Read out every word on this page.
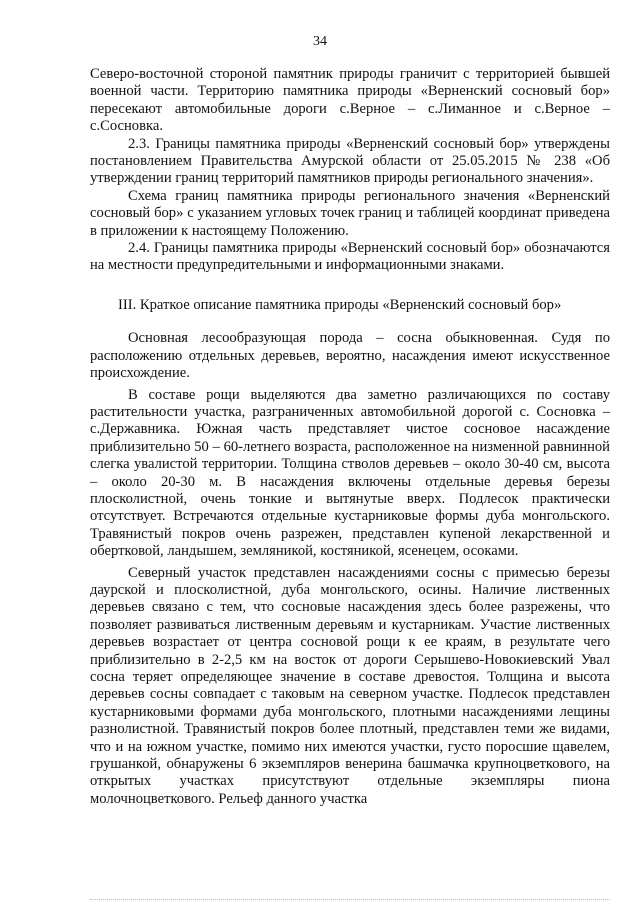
34

Северо-восточной стороной памятник природы граничит с территорией бывшей военной части. Территорию памятника природы «Верненский сосновый бор» пересекают автомобильные дороги с.Верное – с.Лиманное и с.Верное – с.Сосновка.

2.3. Границы памятника природы «Верненский сосновый бор» утверждены постановлением Правительства Амурской области от 25.05.2015 № 238 «Об утверждении границ территорий памятников природы регионального значения».

Схема границ памятника природы регионального значения «Верненский сосновый бор» с указанием угловых точек границ и таблицей координат приведена в приложении к настоящему Положению.

2.4. Границы памятника природы «Верненский сосновый бор» обозначаются на местности предупредительными и информационными знаками.

III. Краткое описание памятника природы «Верненский сосновый бор»

Основная лесообразующая порода – сосна обыкновенная. Судя по расположению отдельных деревьев, вероятно, насаждения имеют искусственное происхождение.

В составе рощи выделяются два заметно различающихся по составу растительности участка, разграниченных автомобильной дорогой с. Сосновка – с.Державника. Южная часть представляет чистое сосновое насаждение приблизительно 50 – 60-летнего возраста, расположенное на низменной равнинной слегка увалистой территории. Толщина стволов деревьев – около 30-40 см, высота – около 20-30 м. В насаждения включены отдельные деревья березы плосколистной, очень тонкие и вытянутые вверх. Подлесок практически отсутствует. Встречаются отдельные кустарниковые формы дуба монгольского. Травянистый покров очень разрежен, представлен купеной лекарственной и обертковой, ландышем, земляникой, костяникой, ясенецем, осоками.

Северный участок представлен насаждениями сосны с примесью березы даурской и плосколистной, дуба монгольского, осины. Наличие лиственных деревьев связано с тем, что сосновые насаждения здесь более разрежены, что позволяет развиваться лиственным деревьям и кустарникам. Участие лиственных деревьев возрастает от центра сосновой рощи к ее краям, в результате чего приблизительно в 2-2,5 км на восток от дороги Серышево-Новокиевский Увал сосна теряет определяющее значение в составе древостоя. Толщина и высота деревьев сосны совпадает с таковым на северном участке. Подлесок представлен кустарниковыми формами дуба монгольского, плотными насаждениями лещины разнолистной. Травянистый покров более плотный, представлен теми же видами, что и на южном участке, помимо них имеются участки, густо поросшие щавелем, грушанкой, обнаружены 6 экземпляров венерина башмачка крупноцветкового, на открытых участках присутствуют отдельные экземпляры пиона молочноцветкового. Рельеф данного участка
